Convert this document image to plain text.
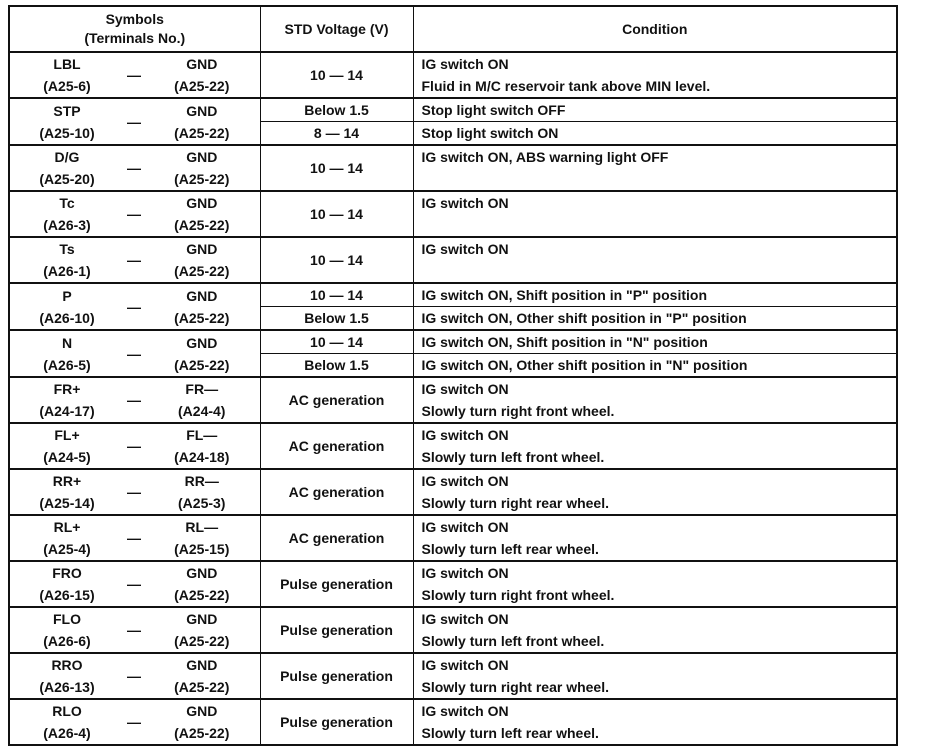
Symbols
(Terminals No.)			STD Voltage (V)	Condition

LBL
(A25-6)	—	GND
(A25-22)	10 — 14	IG switch ON
Fluid in M/C reservoir tank above MIN level.

STP
(A25-10)	—	GND
(A25-22)	Below 1.5	Stop light switch OFF
			8 — 14	Stop light switch ON

D/G
(A25-20)	—	GND
(A25-22)	10 — 14	IG switch ON, ABS warning light OFF

Tc
(A26-3)	—	GND
(A25-22)	10 — 14	IG switch ON

Ts
(A26-1)	—	GND
(A25-22)	10 — 14	IG switch ON

P
(A26-10)	—	GND
(A25-22)	10 — 14	IG switch ON, Shift position in "P" position
			Below 1.5	IG switch ON, Other shift position in "P" position

N
(A26-5)	—	GND
(A25-22)	10 — 14	IG switch ON, Shift position in "N" position
			Below 1.5	IG switch ON, Other shift position in "N" position

FR+
(A24-17)	—	FR—
(A24-4)	AC generation	IG switch ON
Slowly turn right front wheel.

FL+
(A24-5)	—	FL—
(A24-18)	AC generation	IG switch ON
Slowly turn left front wheel.

RR+
(A25-14)	—	RR—
(A25-3)	AC generation	IG switch ON
Slowly turn right rear wheel.

RL+
(A25-4)	—	RL—
(A25-15)	AC generation	IG switch ON
Slowly turn left rear wheel.

FRO
(A26-15)	—	GND
(A25-22)	Pulse generation	IG switch ON
Slowly turn right front wheel.

FLO
(A26-6)	—	GND
(A25-22)	Pulse generation	IG switch ON
Slowly turn left front wheel.

RRO
(A26-13)	—	GND
(A25-22)	Pulse generation	IG switch ON
Slowly turn right rear wheel.

RLO
(A26-4)	—	GND
(A25-22)	Pulse generation	IG switch ON
Slowly turn left rear wheel.
